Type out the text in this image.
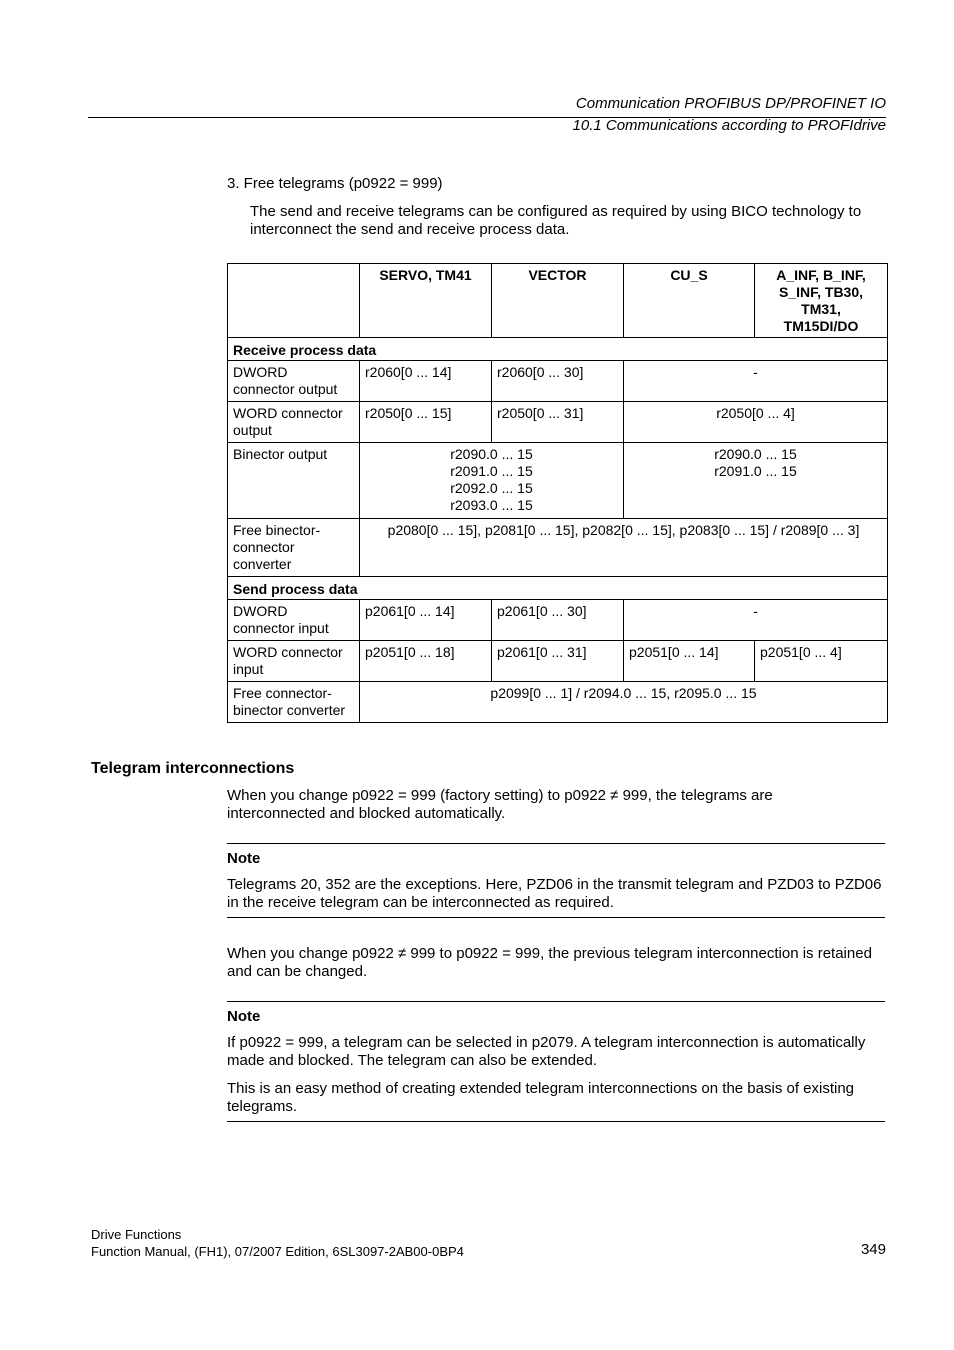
Communication PROFIBUS DP/PROFINET IO
10.1 Communications according to PROFIdrive
3. Free telegrams (p0922 = 999)
The send and receive telegrams can be configured as required by using BICO technology to interconnect the send and receive process data.
	SERVO, TM41	VECTOR	CU_S	A_INF, B_INF,
S_INF, TB30,
TM31,
TM15DI/DO
Receive process data				
DWORD
connector output	r2060[0 ... 14]	r2060[0 ... 30]	-	
WORD connector
output	r2050[0 ... 15]	r2050[0 ... 31]	r2050[0 ... 4]	
Binector output	r2090.0 ... 15
r2091.0 ... 15
r2092.0 ... 15
r2093.0 ... 15		r2090.0 ... 15
r2091.0 ... 15	
Free binector-
connector
converter	p2080[0 ... 15], p2081[0 ... 15], p2082[0 ... 15], p2083[0 ... 15] / r2089[0 ... 3]			
Send process data				
DWORD
connector input	p2061[0 ... 14]	p2061[0 ... 30]	-	
WORD connector
input	p2051[0 ... 18]	p2061[0 ... 31]	p2051[0 ... 14]	p2051[0 ... 4]
Free connector-
binector converter	p2099[0 ... 1] / r2094.0 ... 15, r2095.0 ... 15			
Telegram interconnections
When you change p0922 = 999 (factory setting) to p0922 ≠ 999, the telegrams are interconnected and blocked automatically.
Note
Telegrams 20, 352 are the exceptions. Here, PZD06 in the transmit telegram and PZD03 to PZD06 in the receive telegram can be interconnected as required.
When you change p0922 ≠ 999 to p0922 = 999, the previous telegram interconnection is retained and can be changed.
Note
If p0922 = 999, a telegram can be selected in p2079. A telegram interconnection is automatically made and blocked. The telegram can also be extended.
This is an easy method of creating extended telegram interconnections on the basis of existing telegrams.
Drive Functions
Function Manual, (FH1), 07/2007 Edition, 6SL3097-2AB00-0BP4	349
